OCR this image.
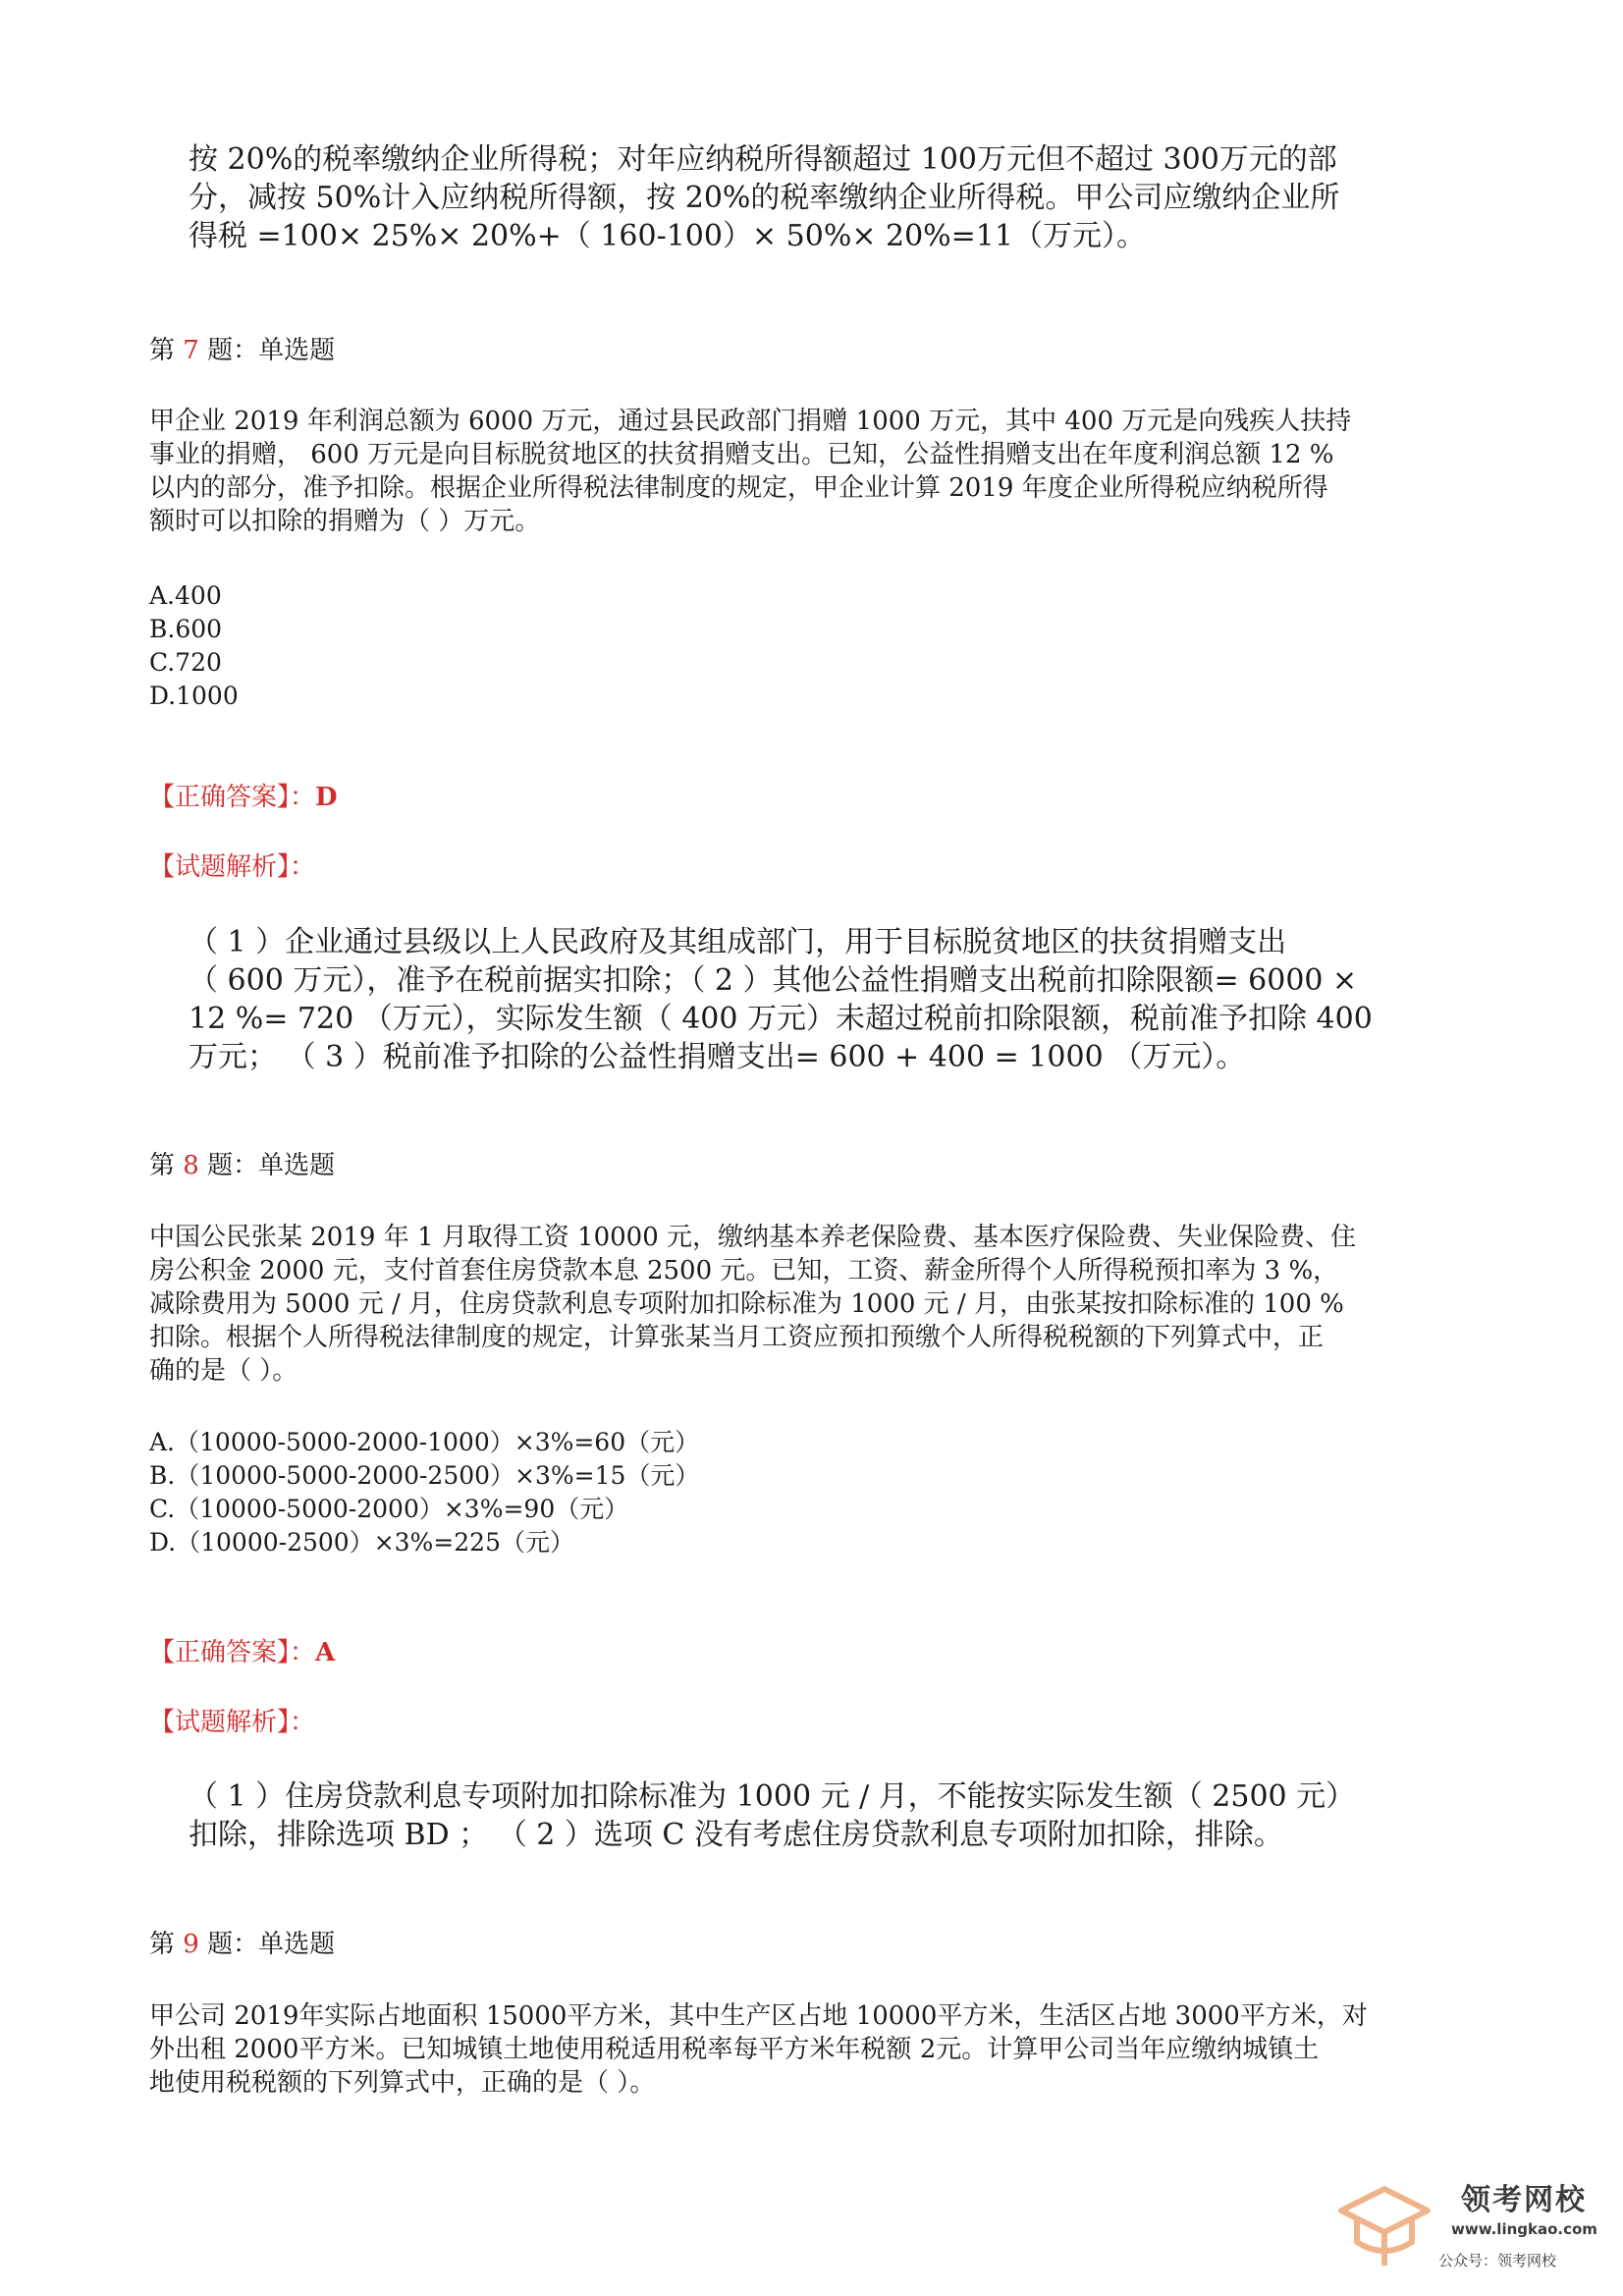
按 20%的税率缴纳企业所得税；对年应纳税所得额超过 100万元但不超过 300万元的部
分，减按 50%计入应纳税所得额，按 20%的税率缴纳企业所得税。甲公司应缴纳企业所
得税 =100× 25%× 20%+（ 160-100）× 50%× 20%=11（万元）。
第 7 题：单选题
甲企业 2019 年利润总额为 6000 万元，通过县民政部门捐赠 1000 万元，其中 400 万元是向残疾人扶持
事业的捐赠， 600 万元是向目标脱贫地区的扶贫捐赠支出。已知，公益性捐赠支出在年度利润总额 12 %
以内的部分，准予扣除。根据企业所得税法律制度的规定，甲企业计算 2019 年度企业所得税应纳税所得
额时可以扣除的捐赠为（ ）万元。
A.400
B.600
C.720
D.1000
【正确答案】：D
【试题解析】：
（ 1 ）企业通过县级以上人民政府及其组成部门，用于目标脱贫地区的扶贫捐赠支出
（ 600 万元），准予在税前据实扣除；（ 2 ）其他公益性捐赠支出税前扣除限额= 6000 ×
12 %= 720 （万元），实际发生额（ 400 万元）未超过税前扣除限额，税前准予扣除 400
万元； （ 3 ）税前准予扣除的公益性捐赠支出= 600 + 400 = 1000 （万元）。
第 8 题：单选题
中国公民张某 2019 年 1 月取得工资 10000 元，缴纳基本养老保险费、基本医疗保险费、失业保险费、住
房公积金 2000 元，支付首套住房贷款本息 2500 元。已知，工资、薪金所得个人所得税预扣率为 3 %，
减除费用为 5000 元 / 月，住房贷款利息专项附加扣除标准为 1000 元 / 月，由张某按扣除标准的 100 %
扣除。根据个人所得税法律制度的规定，计算张某当月工资应预扣预缴个人所得税税额的下列算式中，正
确的是（ ）。
A.（10000-5000-2000-1000）×3%=60（元）
B.（10000-5000-2000-2500）×3%=15（元）
C.（10000-5000-2000）×3%=90（元）
D.（10000-2500）×3%=225（元）
【正确答案】：A
【试题解析】：
（ 1 ）住房贷款利息专项附加扣除标准为 1000 元 / 月，不能按实际发生额（ 2500 元）
扣除，排除选项 BD ； （ 2 ）选项 C 没有考虑住房贷款利息专项附加扣除，排除。
第 9 题：单选题
甲公司 2019年实际占地面积 15000平方米，其中生产区占地 10000平方米，生活区占地 3000平方米，对
外出租 2000平方米。已知城镇土地使用税适用税率每平方米年税额 2元。计算甲公司当年应缴纳城镇土
地使用税税额的下列算式中，正确的是（ ）。
领考网校
www.lingkao.com
公众号：领考网校
